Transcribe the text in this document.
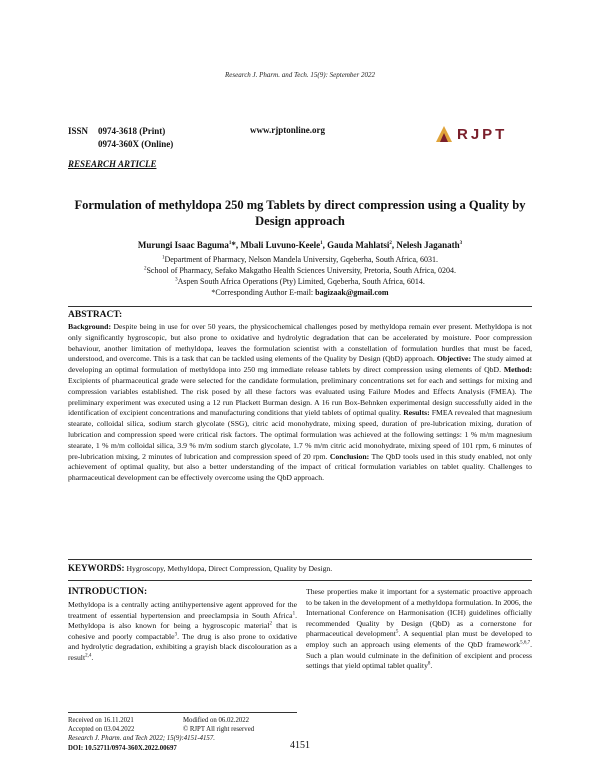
Research J. Pharm. and Tech. 15(9): September 2022
ISSN 0974-3618 (Print)
0974-360X (Online)
www.rjptonline.org	RJPT
RESEARCH ARTICLE
Formulation of methyldopa 250 mg Tablets by direct compression using a Quality by Design approach
Murungi Isaac Baguma$^1$*, Mbali Luvuno-Keele$^1$, Gauda Mahlatsi$^2$, Nelesh Jaganath$^3$
$^1$Department of Pharmacy, Nelson Mandela University, Gqeberha, South Africa, 6031.
$^2$School of Pharmacy, Sefako Makgatho Health Sciences University, Pretoria, South Africa, 0204.
$^3$Aspen South Africa Operations (Pty) Limited, Gqeberha, South Africa, 6014.
*Corresponding Author E-mail: bagizaak@gmail.com
ABSTRACT:
Background: Despite being in use for over 50 years, the physicochemical challenges posed by methyldopa remain ever present. Methyldopa is not only significantly hygroscopic, but also prone to oxidative and hydrolytic degradation that can be accelerated by moisture. Poor compression behaviour, another limitation of methyldopa, leaves the formulation scientist with a constellation of formulation hurdles that must be faced, understood, and overcome. This is a task that can be tackled using elements of the Quality by Design (QbD) approach. Objective: The study aimed at developing an optimal formulation of methyldopa into 250 mg immediate release tablets by direct compression using elements of QbD. Method: Excipients of pharmaceutical grade were selected for the candidate formulation, preliminary concentrations set for each and settings for mixing and compression variables established. The risk posed by all these factors was evaluated using Failure Modes and Effects Analysis (FMEA). The preliminary experiment was executed using a 12 run Plackett Burman design. A 16 run Box-Behnken experimental design successfully aided in the identification of excipient concentrations and manufacturing conditions that yield tablets of optimal quality. Results: FMEA revealed that magnesium stearate, colloidal silica, sodium starch glycolate (SSG), citric acid monohydrate, mixing speed, duration of pre-lubrication mixing, duration of lubrication and compression speed were critical risk factors. The optimal formulation was achieved at the following settings: 1 % m/m magnesium stearate, 1 % m/m colloidal silica, 3.9 % m/m sodium starch glycolate, 1.7 % m/m citric acid monohydrate, mixing speed of 101 rpm, 6 minutes of pre-lubrication mixing, 2 minutes of lubrication and compression speed of 20 rpm. Conclusion: The QbD tools used in this study enabled, not only achievement of optimal quality, but also a better understanding of the impact of critical formulation variables on tablet quality. Challenges to pharmaceutical development can be effectively overcome using the QbD approach.
KEYWORDS: Hygroscopy, Methyldopa, Direct Compression, Quality by Design.
INTRODUCTION:
Methyldopa is a centrally acting antihypertensive agent approved for the treatment of essential hypertension and preeclampsia in South Africa$^1$. Methyldopa is also known for being a hygroscopic material$^2$ that is cohesive and poorly compactable$^3$. The drug is also prone to oxidative and hydrolytic degradation, exhibiting a grayish black discolouration as a result$^{2,4}$.
These properties make it important for a systematic proactive approach to be taken in the development of a methyldopa formulation. In 2006, the International Conference on Harmonisation (ICH) guidelines officially recommended Quality by Design (QbD) as a cornerstone for pharmaceutical development$^5$. A sequential plan must be developed to employ such an approach using elements of the QbD framework$^{5,6,7}$. Such a plan would culminate in the definition of excipient and process settings that yield optimal tablet quality$^8$.
Received on 16.11.2021	Modified on 06.02.2022
Accepted on 03.04.2022	© RJPT All right reserved
Research J. Pharm. and Tech 2022; 15(9):4151-4157.
DOI: 10.52711/0974-360X.2022.00697	4151
